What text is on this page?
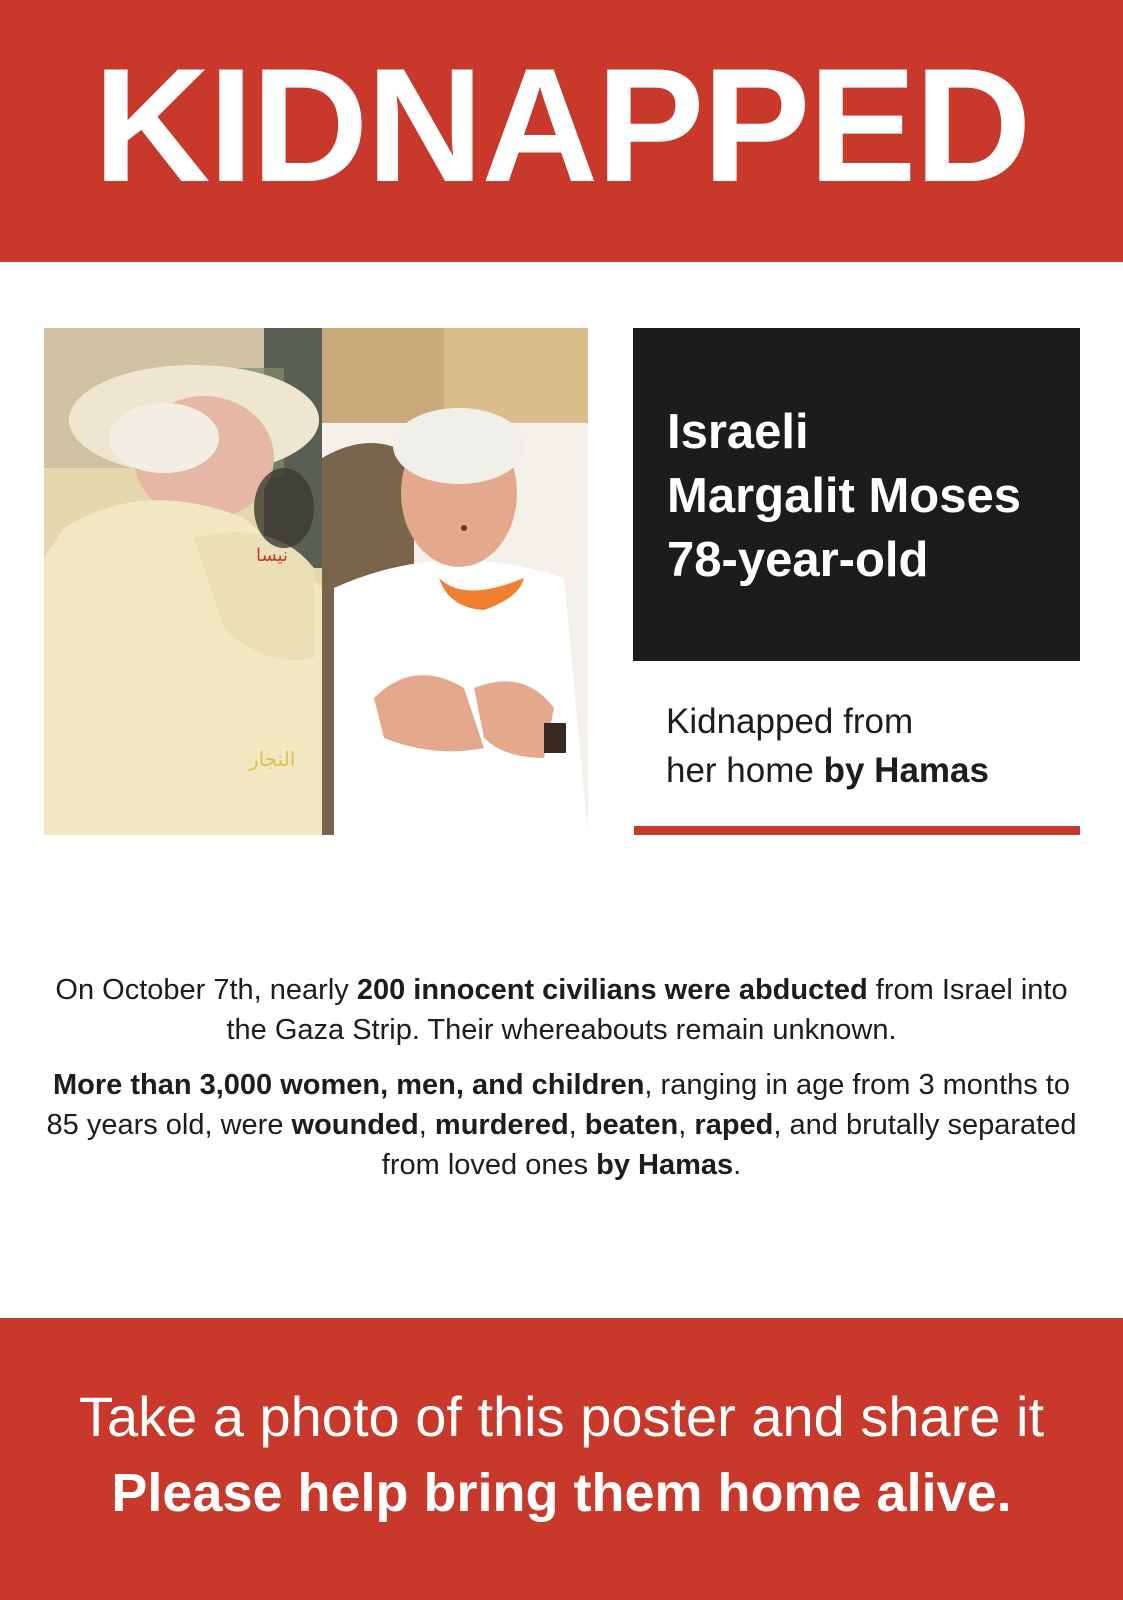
KIDNAPPED
النجار
نيسا
Israeli
Margalit Moses
78-year-old
Kidnapped from
her home by Hamas

On October 7th, nearly 200 innocent civilians were abducted from Israel into the Gaza Strip. Their whereabouts remain unknown.

More than 3,000 women, men, and children, ranging in age from 3 months to 85 years old, were wounded, murdered, beaten, raped, and brutally separated from loved ones by Hamas.

Take a photo of this poster and share it
Please help bring them home alive.
